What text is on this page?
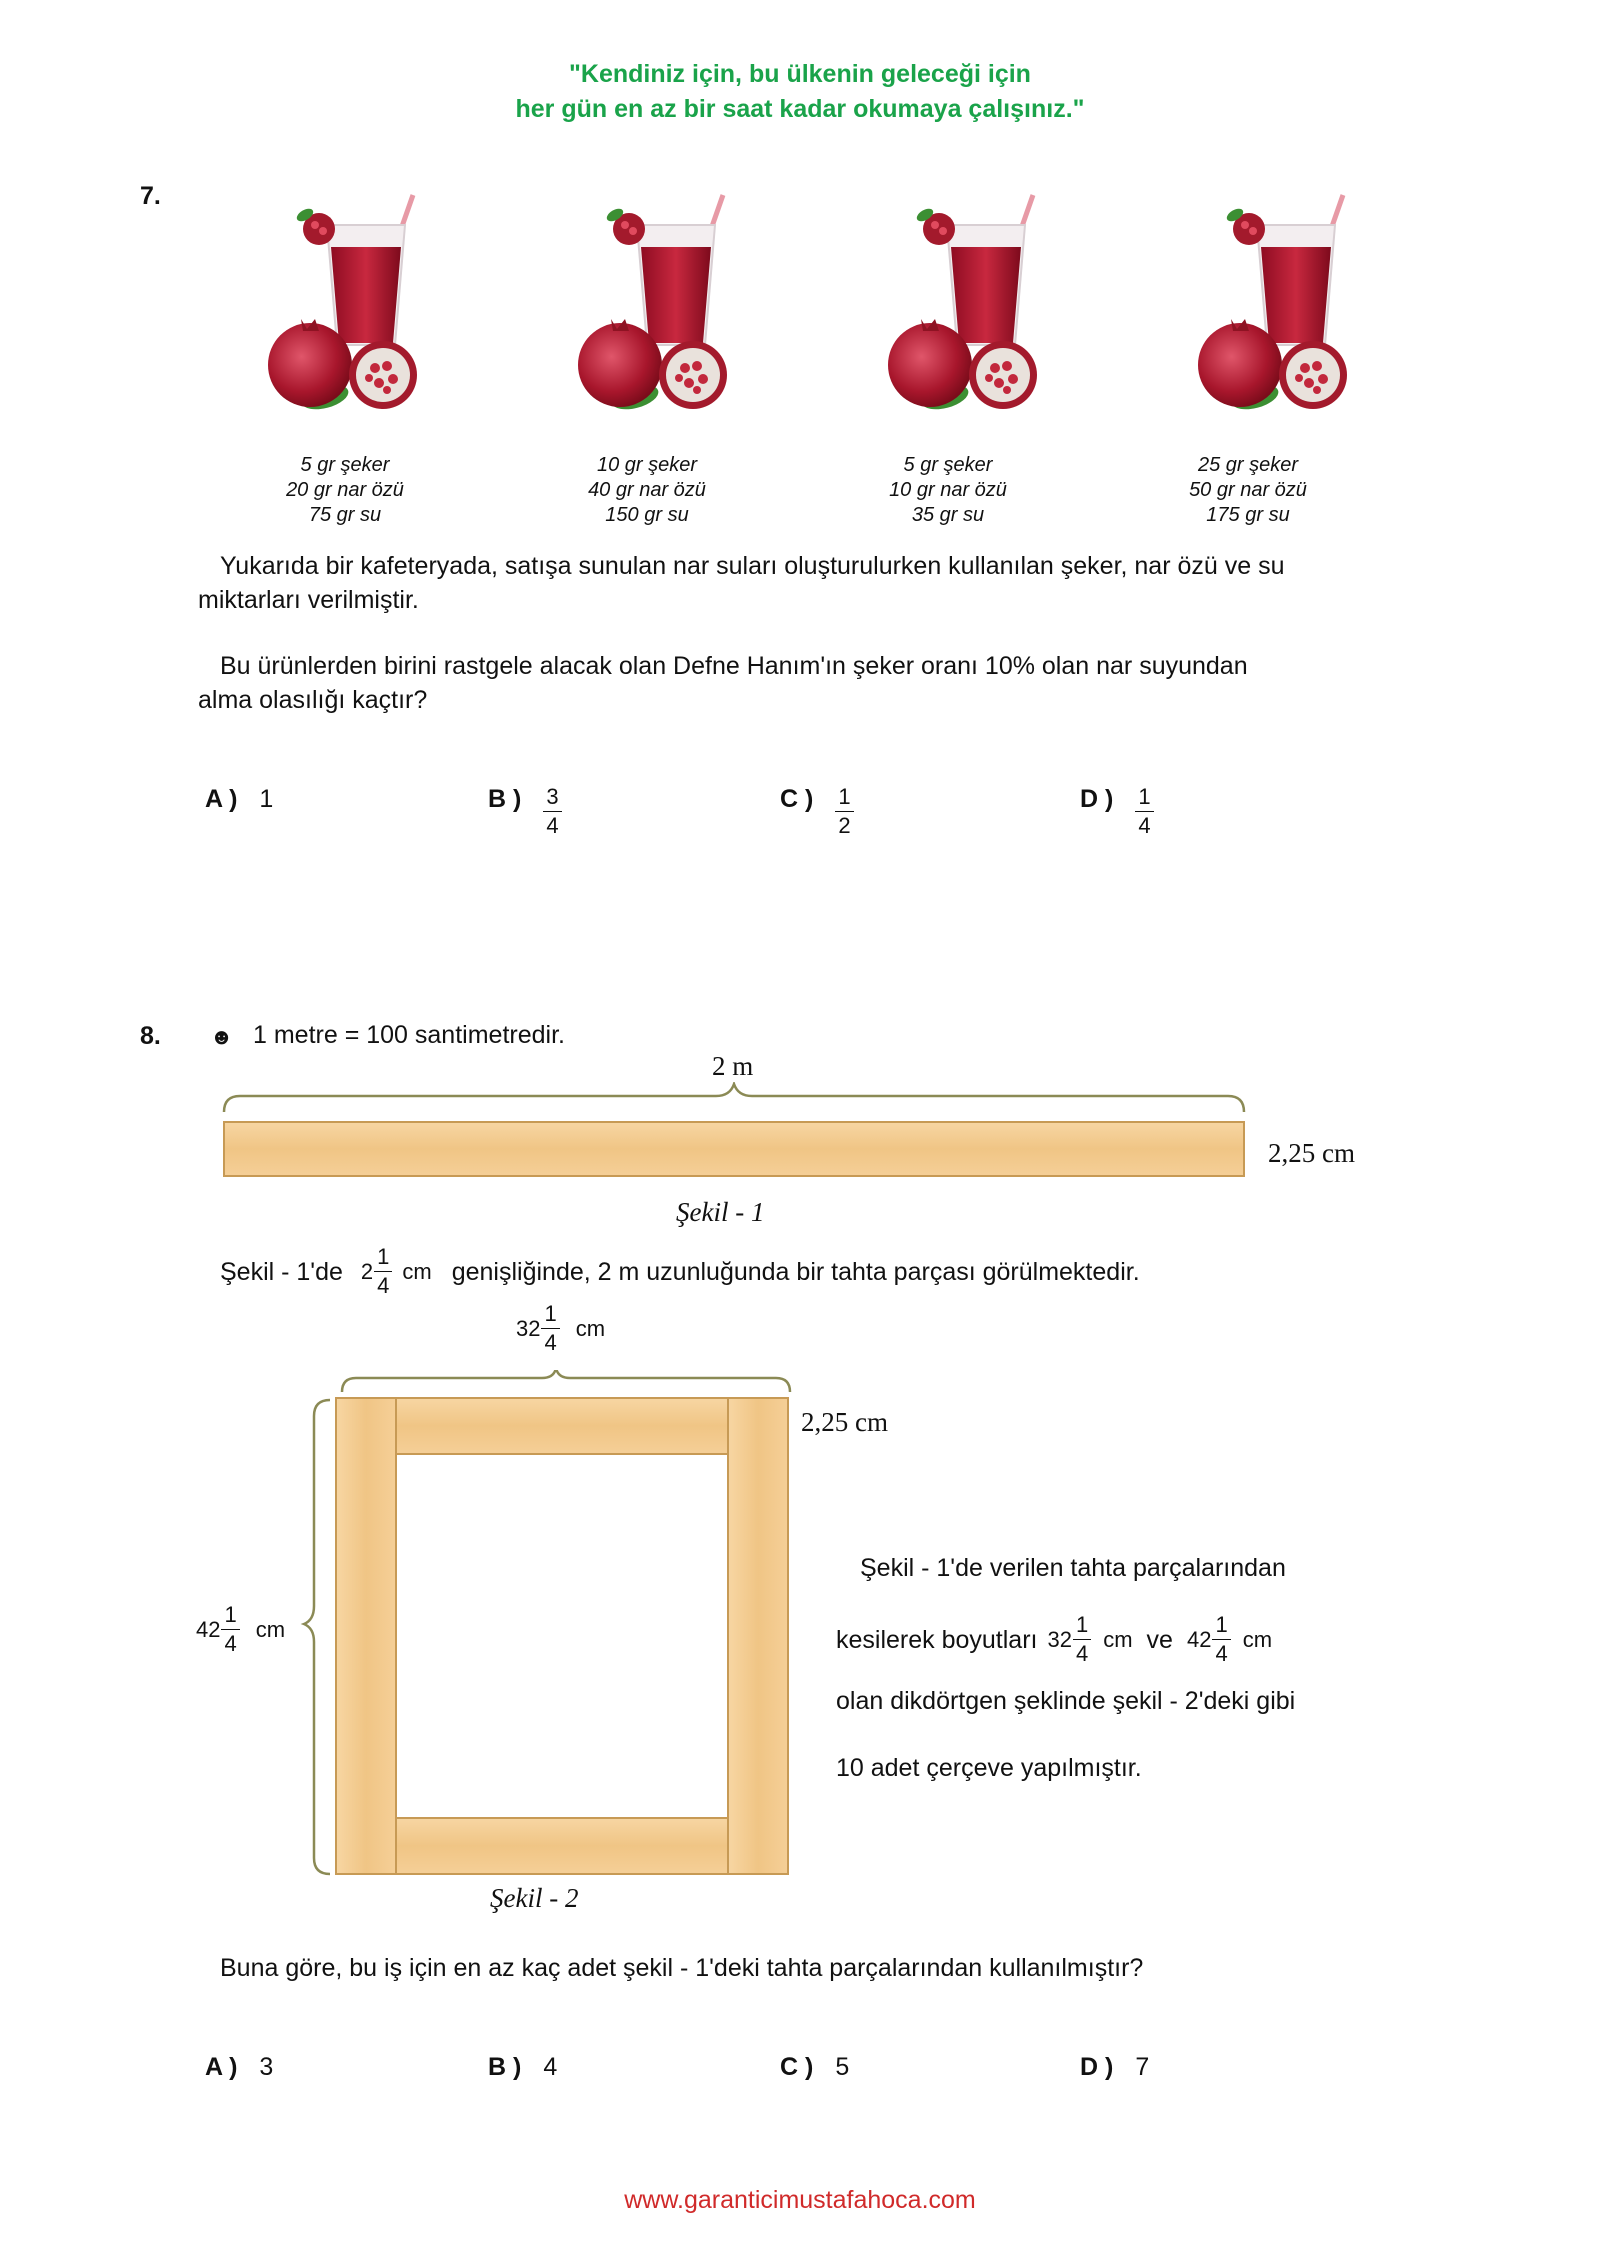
"Kendiniz için, bu ülkenin geleceği için
her gün en az bir saat kadar okumaya çalışınız."
7.
5 gr şeker
20 gr nar özü
75 gr su
10 gr şeker
40 gr nar özü
150 gr su
5 gr şeker
10 gr nar özü
35 gr su
25 gr şeker
50 gr nar özü
175 gr su
Yukarıda bir kafeteryada, satışa sunulan nar suları oluşturulurken kullanılan şeker, nar özü ve su
miktarları verilmiştir.
Bu ürünlerden birini rastgele alacak olan Defne Hanım'ın şeker oranı 10% olan nar suyundan
alma olasılığı kaçtır?
A ) 1	B ) $\frac{3}{4}$	C ) $\frac{1}{2}$	D ) $\frac{1}{4}$
8. ☻ 1 metre = 100 santimetredir.
2 m
2,25 cm
Şekil - 1
Şekil - 1'de $2 \frac{1}{4}$ cm genişliğinde, 2 m uzunluğunda bir tahta parçası görülmektedir.
$32 \frac{1}{4}$ cm
2,25 cm
$42 \frac{1}{4}$ cm
Şekil - 2
Şekil - 1'de verilen tahta parçalarından
kesilerek boyutları $32 \frac{1}{4}$ cm ve $42 \frac{1}{4}$ cm
olan dikdörtgen şeklinde şekil - 2'deki gibi
10 adet çerçeve yapılmıştır.
Buna göre, bu iş için en az kaç adet şekil - 1'deki tahta parçalarından kullanılmıştır?
A ) 3	B ) 4	C ) 5	D ) 7
www.garanticimustafahoca.com
